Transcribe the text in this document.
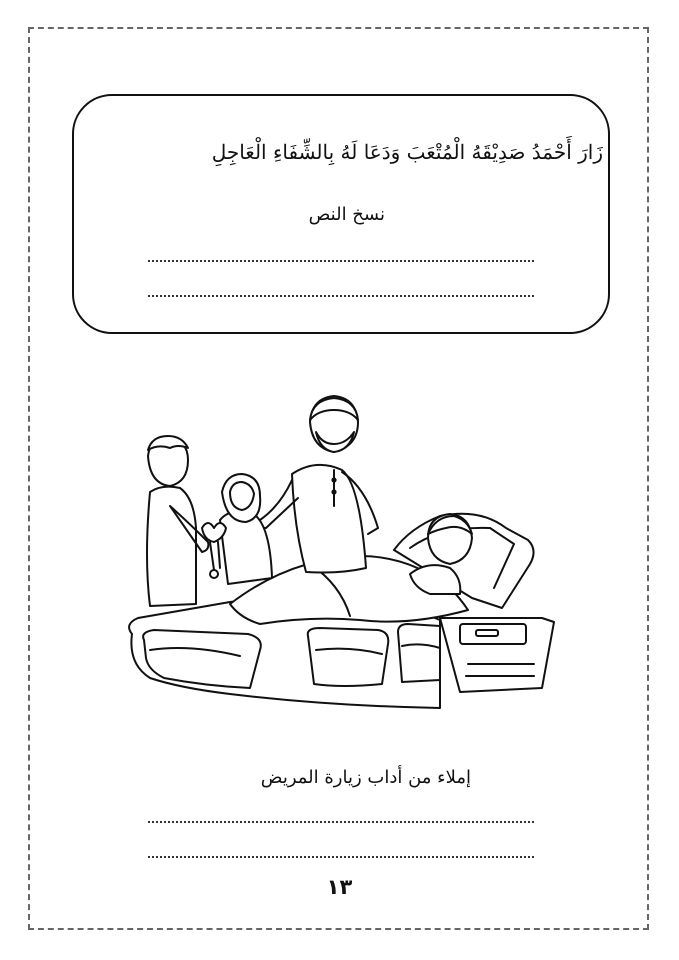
زَارَ أَحْمَدُ صَدِيْقَهُ الْمُتْعَبَ وَدَعَا لَهُ بِالشِّفَاءِ الْعَاجِلِ
نسخ النص
إملاء من أداب زيارة المريض
١٣
